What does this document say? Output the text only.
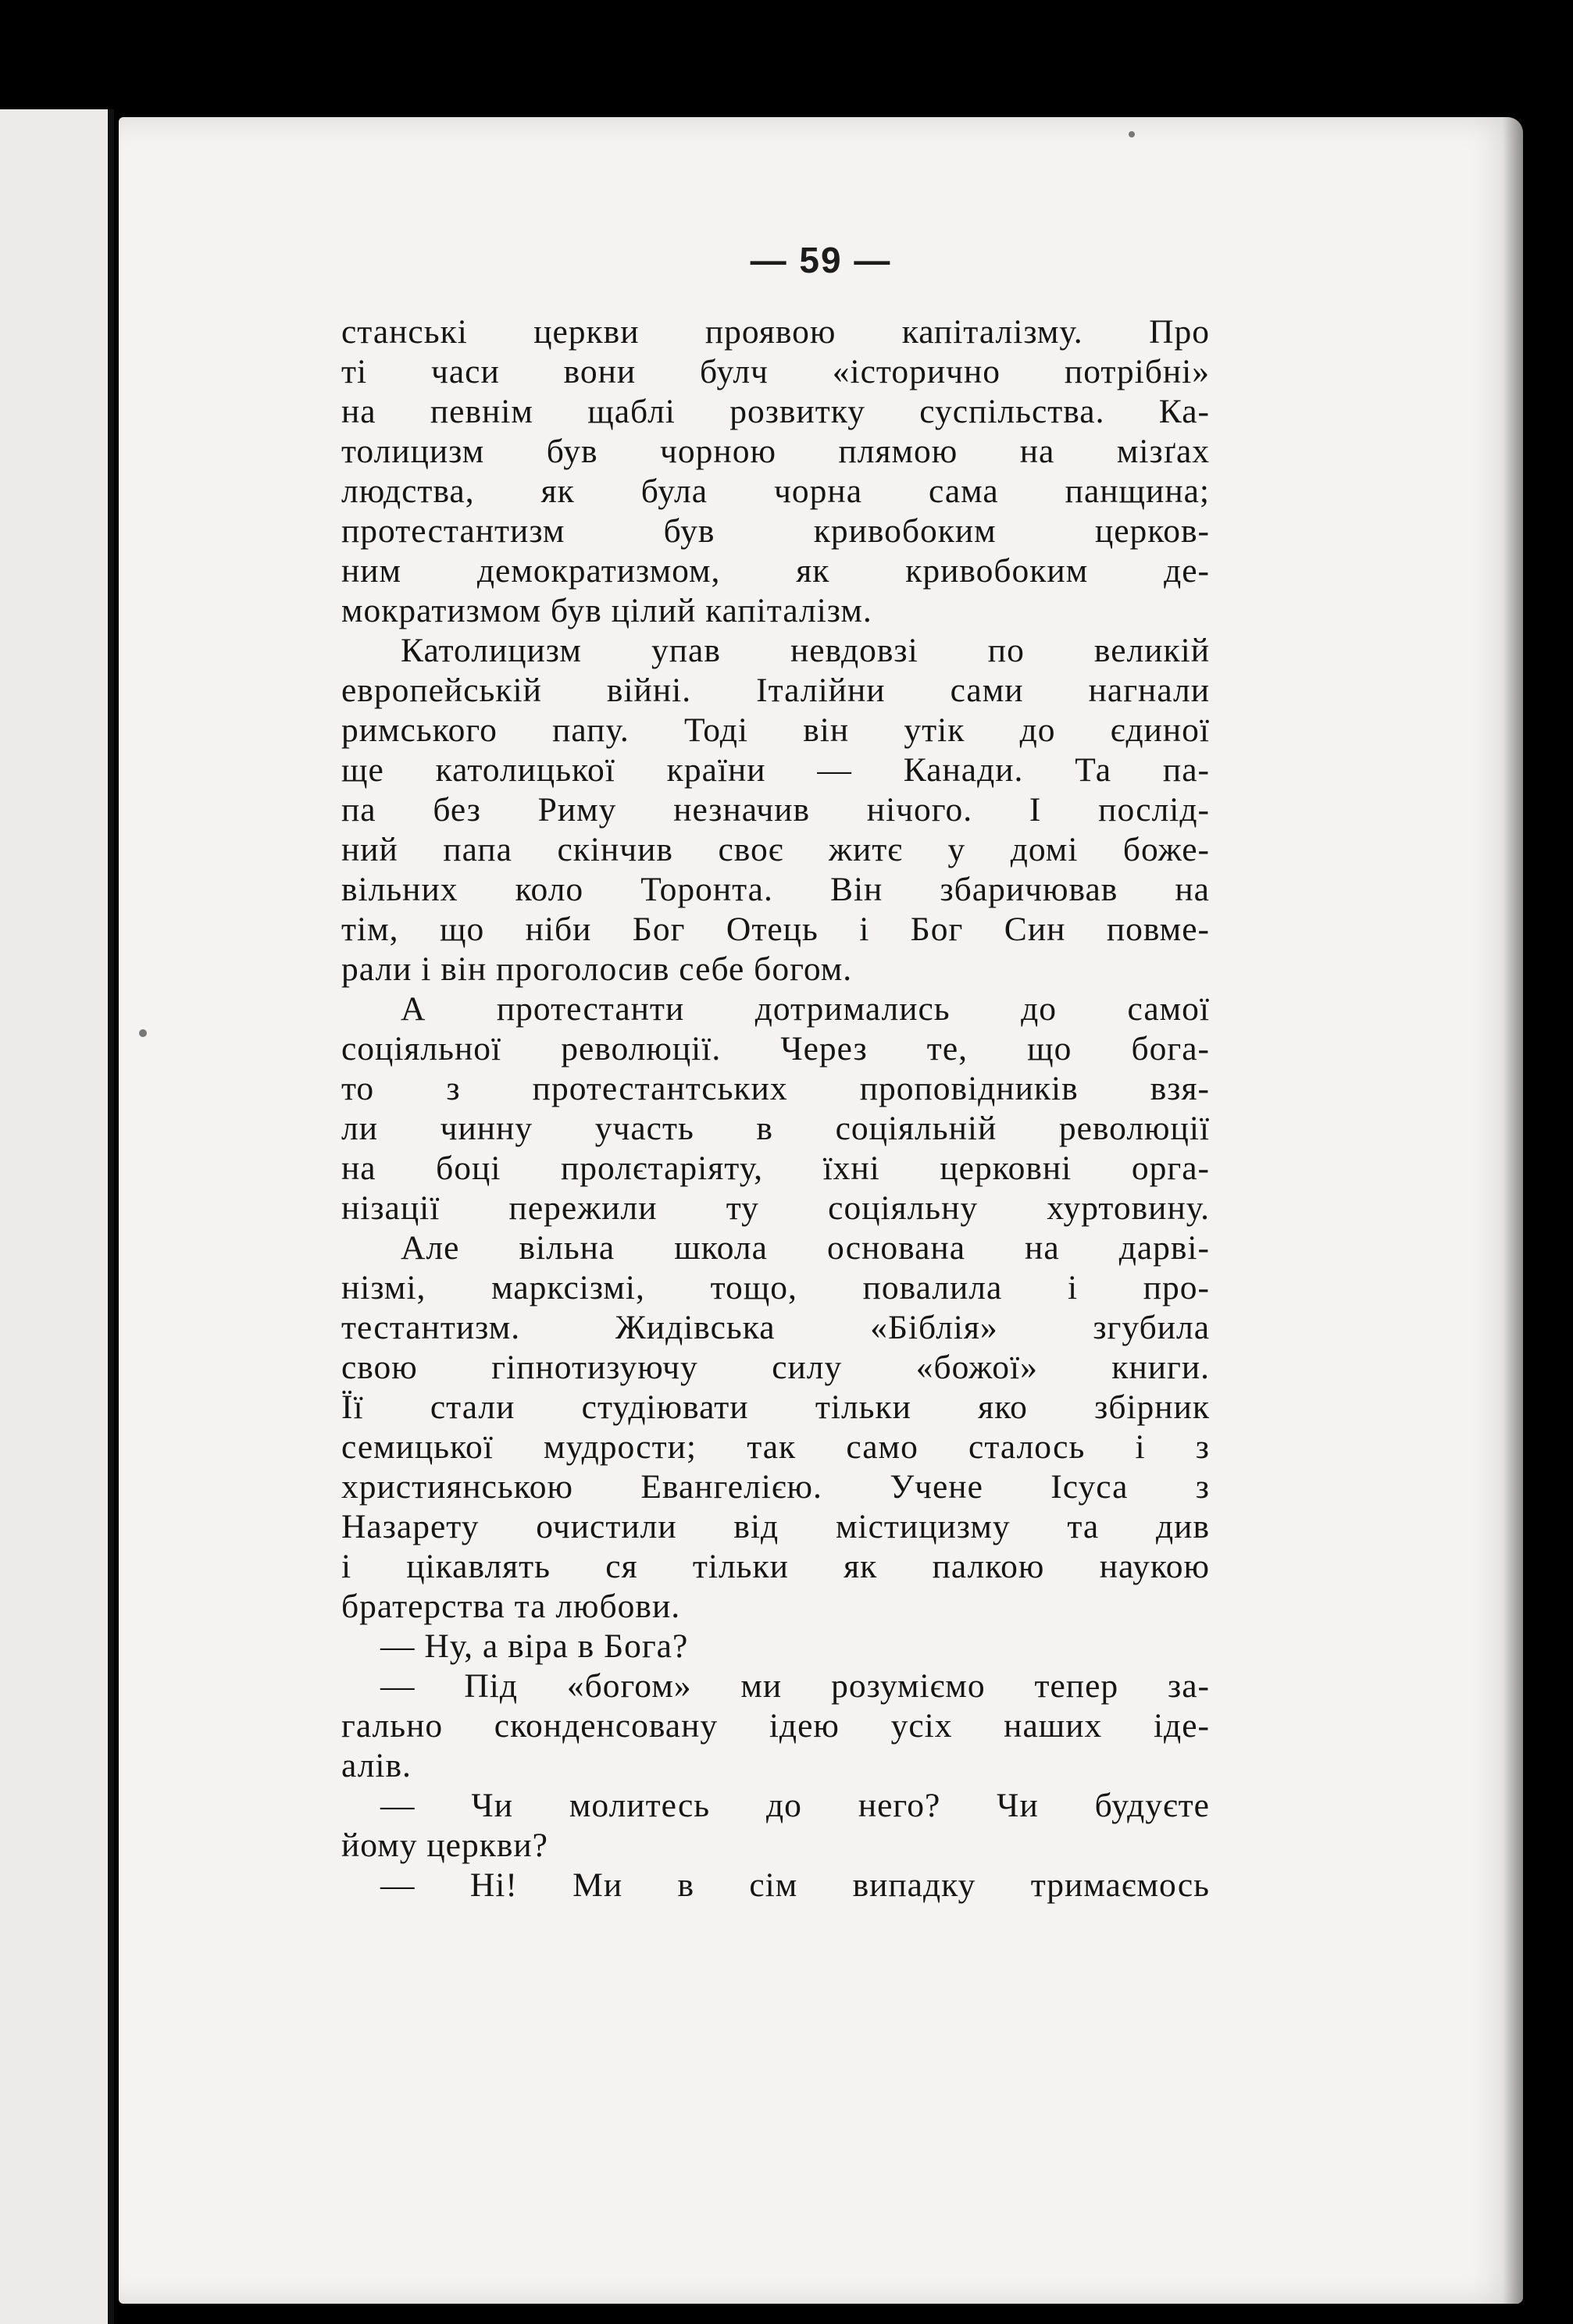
— 59 —
станські церкви проявою капіталізму. Про
ті часи вони булч «історично потрібні»
на певнім щаблі розвитку суспільства. Ка-
толицизм був чорною плямою на мізґах
людства, як була чорна сама панщина;
протестантизм був кривобоким церков-
ним демократизмом, як кривобоким де-
мократизмом був цілий капіталізм.
Католицизм упав невдовзі по великій
европейській війні. Італійни сами нагнали
римського папу. Тоді він утік до єдиної
ще католицької країни — Канади. Та па-
па без Риму незначив нічого. І послід-
ний папа скінчив своє житє у домі боже-
вільних коло Торонта. Він збаричював на
тім, що ніби Бог Отець і Бог Син повме-
рали і він проголосив себе богом.
А протестанти дотримались до самої
соціяльної революції. Через те, що бога-
то з протестантських проповідників взя-
ли чинну участь в соціяльній революції
на боці пролєтаріяту, їхні церковні орга-
нізації пережили ту соціяльну хуртовину.
Але вільна школа основана на дарві-
нізмі, марксізмі, тощо, повалила і про-
тестантизм. Жидівська «Біблія» згубила
свою гіпнотизуючу силу «божої» книги.
Її стали студіювати тільки яко збірник
семицької мудрости; так само сталось і з
християнською Евангелією. Учене Ісуса з
Назарету очистили від містицизму та див
і цікавлять ся тільки як палкою наукою
братерства та любови.
— Ну, а віра в Бога?
— Під «богом» ми розуміємо тепер за-
гально сконденсовану ідею усіх наших іде-
алів.
— Чи молитесь до него? Чи будуєте
йому церкви?
— Ні! Ми в сім випадку тримаємось
